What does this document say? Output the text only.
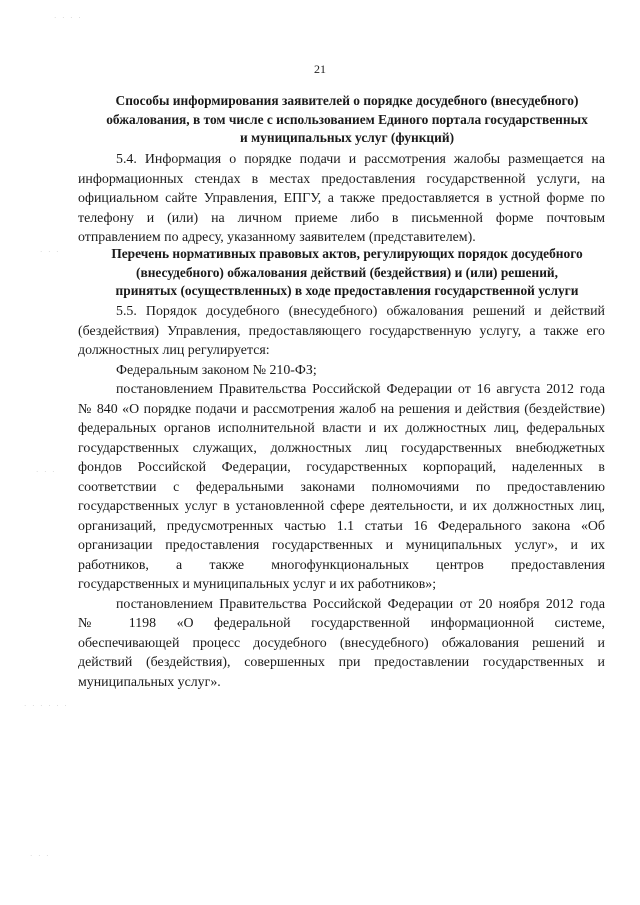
21
Способы информирования заявителей о порядке досудебного (внесудебного)
обжалования, в том числе с использованием Единого портала государственных
и муниципальных услуг (функций)
5.4. Информация о порядке подачи и рассмотрения жалобы размещается на
информационных стендах в местах предоставления государственной услуги, на
официальном сайте Управления, ЕПГУ, а также предоставляется в устной форме по
телефону и (или) на личном приеме либо в письменной форме почтовым
отправлением по адресу, указанному заявителем (представителем).
Перечень нормативных правовых актов, регулирующих порядок досудебного
(внесудебного) обжалования действий (бездействия) и (или) решений,
принятых (осуществленных) в ходе предоставления государственной услуги
5.5. Порядок досудебного (внесудебного) обжалования решений и действий
(бездействия) Управления, предоставляющего государственную услугу, а также его
должностных лиц регулируется:
Федеральным законом № 210-ФЗ;
постановлением Правительства Российской Федерации от 16 августа 2012 года
№ 840 «О порядке подачи и рассмотрения жалоб на решения и действия (бездействие)
федеральных органов исполнительной власти и их должностных лиц, федеральных
государственных служащих, должностных лиц государственных внебюджетных
фондов Российской Федерации, государственных корпораций, наделенных в
соответствии с федеральными законами полномочиями по предоставлению
государственных услуг в установленной сфере деятельности, и их должностных лиц,
организаций, предусмотренных частью 1.1 статьи 16 Федерального закона «Об
организации предоставления государственных и муниципальных услуг», и их
работников, а также многофункциональных центров предоставления
государственных и муниципальных услуг и их работников»;
постановлением Правительства Российской Федерации от 20 ноября 2012 года
№ 1198 «О федеральной государственной информационной системе,
обеспечивающей процесс досудебного (внесудебного) обжалования решений и
действий (бездействия), совершенных при предоставлении государственных и
муниципальных услуг».
· · · ·
· · ·
· · ·
· · · · · ·
· · ·
